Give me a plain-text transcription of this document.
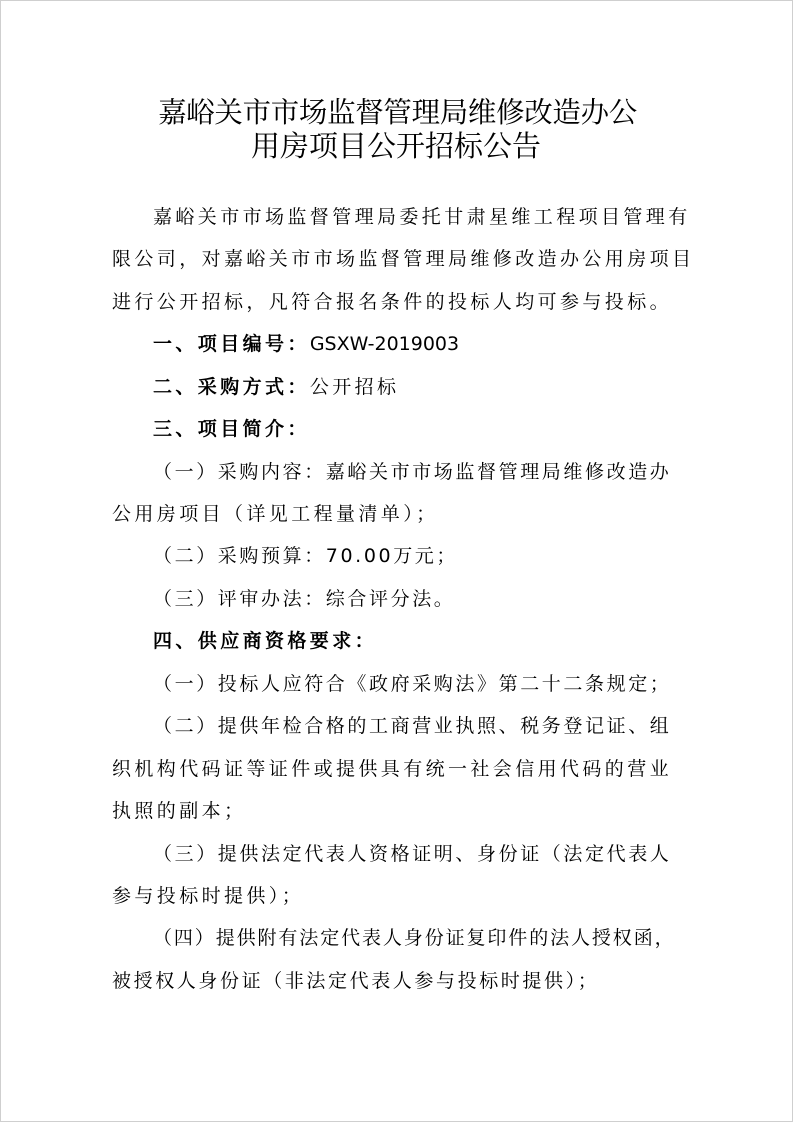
嘉峪关市市场监督管理局维修改造办公
用房项目公开招标公告
嘉峪关市市场监督管理局委托甘肃星维工程项目管理有
限公司，对嘉峪关市市场监督管理局维修改造办公用房项目
进行公开招标，凡符合报名条件的投标人均可参与投标。
一、项目编号：GSXW-2019003
二、采购方式：公开招标
三、项目简介：
（一）采购内容：嘉峪关市市场监督管理局维修改造办
公用房项目（详见工程量清单）；
（二）采购预算：70.00万元；
（三）评审办法：综合评分法。
四、供应商资格要求：
（一）投标人应符合《政府采购法》第二十二条规定；
（二）提供年检合格的工商营业执照、税务登记证、组
织机构代码证等证件或提供具有统一社会信用代码的营业
执照的副本；
（三）提供法定代表人资格证明、身份证（法定代表人
参与投标时提供）；
（四）提供附有法定代表人身份证复印件的法人授权函，
被授权人身份证（非法定代表人参与投标时提供）；
